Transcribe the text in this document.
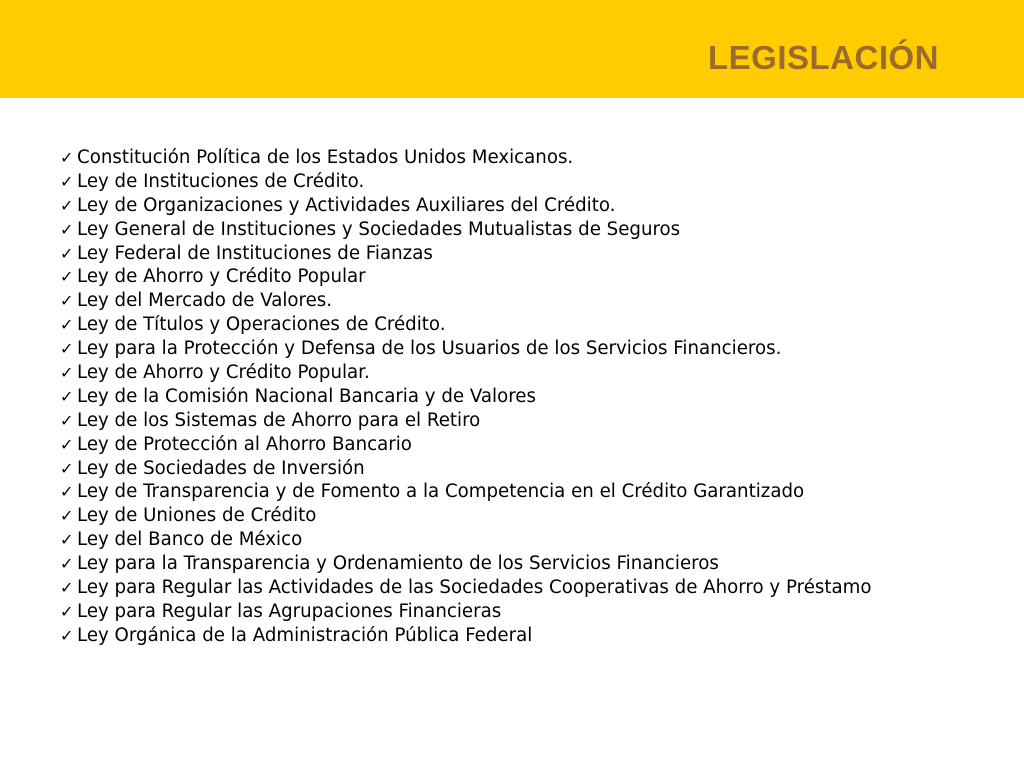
LEGISLACIÓN
✓ Constitución Política de los Estados Unidos Mexicanos.
✓ Ley de Instituciones de Crédito.
✓ Ley de Organizaciones y Actividades Auxiliares del Crédito.
✓ Ley General de Instituciones y Sociedades Mutualistas de Seguros
✓ Ley Federal de Instituciones de Fianzas
✓ Ley de Ahorro y Crédito Popular
✓ Ley del Mercado de Valores.
✓ Ley de Títulos y Operaciones de Crédito.
✓ Ley para la Protección y Defensa de los Usuarios de los Servicios Financieros.
✓ Ley de Ahorro y Crédito Popular.
✓ Ley de la Comisión Nacional Bancaria y de Valores
✓ Ley de los Sistemas de Ahorro para el Retiro
✓ Ley de Protección al Ahorro Bancario
✓ Ley de Sociedades de Inversión
✓ Ley de Transparencia y de Fomento a la Competencia en el Crédito Garantizado
✓ Ley de Uniones de Crédito
✓ Ley del Banco de México
✓ Ley para la Transparencia y Ordenamiento de los Servicios Financieros
✓ Ley para Regular las Actividades de las Sociedades Cooperativas de Ahorro y Préstamo
✓ Ley para Regular las Agrupaciones Financieras
✓ Ley Orgánica de la Administración Pública Federal
